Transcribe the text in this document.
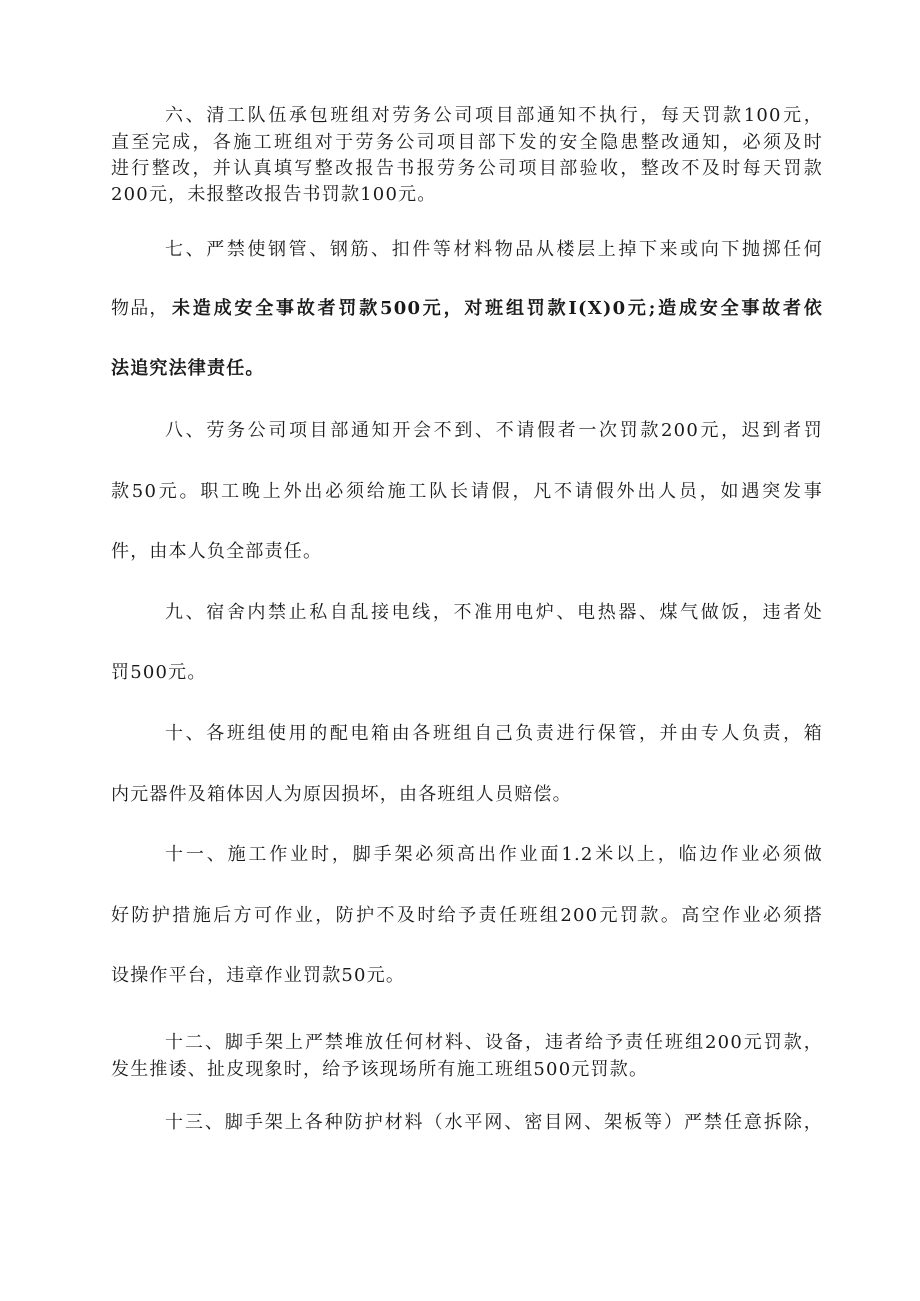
六、清工队伍承包班组对劳务公司项目部通知不执行，每天罚款100元，
直至完成，各施工班组对于劳务公司项目部下发的安全隐患整改通知，必须及时
进行整改，并认真填写整改报告书报劳务公司项目部验收，整改不及时每天罚款
200元，未报整改报告书罚款100元。
七、严禁使钢管、钢筋、扣件等材料物品从楼层上掉下来或向下抛掷任何
物品， 未造成安全事故者罚款500元，对班组罚款I(X)0元;造成安全事故者依
法追究法律责任。
八、劳务公司项目部通知开会不到、不请假者一次罚款200元，迟到者罚
款50元。职工晚上外出必须给施工队长请假，凡不请假外出人员，如遇突发事
件，由本人负全部责任。
九、宿舍内禁止私自乱接电线，不准用电炉、电热器、煤气做饭，违者处
罚500元。
十、各班组使用的配电箱由各班组自己负责进行保管，并由专人负责，箱
内元器件及箱体因人为原因损坏，由各班组人员赔偿。
十一、施工作业时，脚手架必须高出作业面1.2米以上，临边作业必须做
好防护措施后方可作业，防护不及时给予责任班组200元罚款。高空作业必须搭
设操作平台，违章作业罚款50元。
十二、脚手架上严禁堆放任何材料、设备，违者给予责任班组200元罚款，
发生推诿、扯皮现象时，给予该现场所有施工班组500元罚款。
十三、脚手架上各种防护材料（水平网、密目网、架板等）严禁任意拆除，
